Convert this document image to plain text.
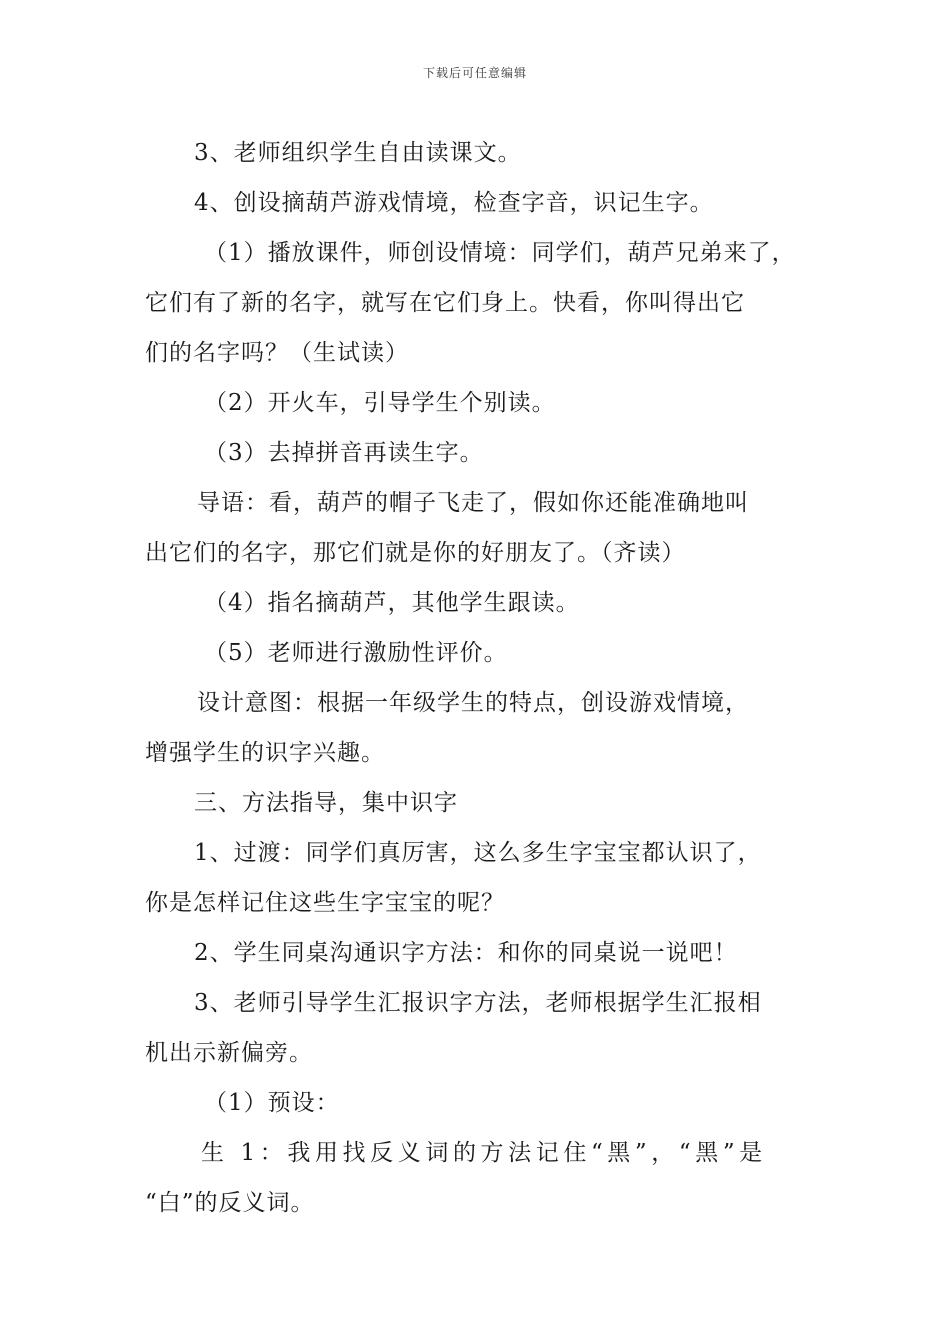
下载后可任意编辑
3、老师组织学生自由读课文。
4、创设摘葫芦游戏情境，检查字音，识记生字。
（1）播放课件，师创设情境：同学们，葫芦兄弟来了，
它们有了新的名字，就写在它们身上。快看，你叫得出它
们的名字吗？（生试读）
（2）开火车，引导学生个别读。
（3）去掉拼音再读生字。
导语：看，葫芦的帽子飞走了，假如你还能准确地叫
出它们的名字，那它们就是你的好朋友了。（齐读）
（4）指名摘葫芦，其他学生跟读。
（5）老师进行激励性评价。
设计意图：根据一年级学生的特点，创设游戏情境，
增强学生的识字兴趣。
三、方法指导，集中识字
1、过渡：同学们真厉害，这么多生字宝宝都认识了，
你是怎样记住这些生字宝宝的呢？
2、学生同桌沟通识字方法：和你的同桌说一说吧！
3、老师引导学生汇报识字方法，老师根据学生汇报相
机出示新偏旁。
（1）预设：
生 1：我用找反义词的方法记住“黑”，“黑”是
“白”的反义词。
